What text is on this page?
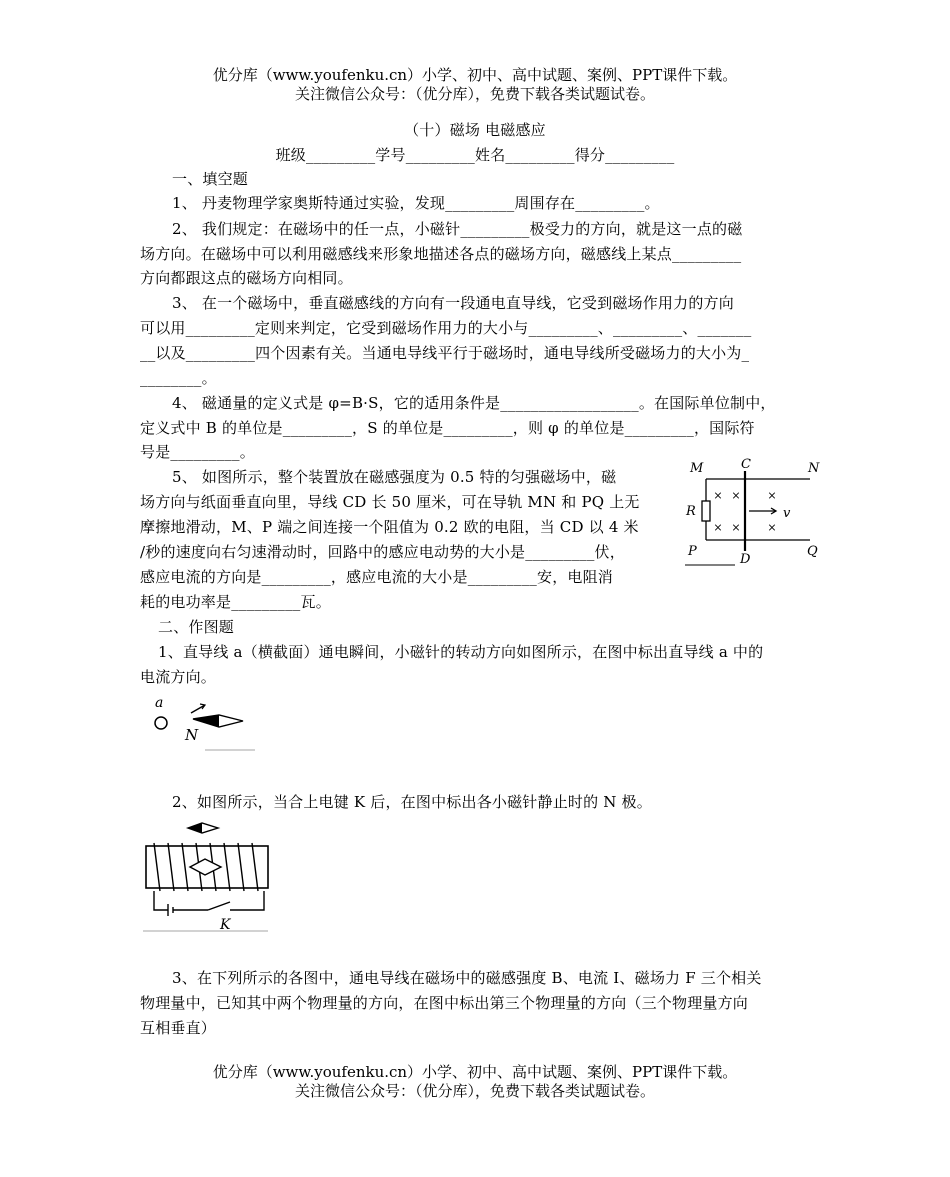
优分库（www.youfenku.cn）小学、初中、高中试题、案例、PPT课件下载。
关注微信公众号：（优分库），免费下载各类试题试卷。
（十）磁场 电磁感应
班级_________学号_________姓名_________得分_________
一、填空题
1、 丹麦物理学家奥斯特通过实验，发现_________周围存在_________。
2、 我们规定：在磁场中的任一点，小磁针_________极受力的方向，就是这一点的磁
场方向。在磁场中可以利用磁感线来形象地描述各点的磁场方向，磁感线上某点_________
方向都跟这点的磁场方向相同。
3、 在一个磁场中，垂直磁感线的方向有一段通电直导线，它受到磁场作用力的方向
可以用_________定则来判定，它受到磁场作用力的大小与_________、_________、_______
__以及_________四个因素有关。当通电导线平行于磁场时，通电导线所受磁场力的大小为_
________。
4、 磁通量的定义式是 φ=B·S，它的适用条件是__________________。在国际单位制中，
定义式中 B 的单位是_________，S 的单位是_________，则 φ 的单位是_________，国际符
号是_________。
5、 如图所示，整个装置放在磁感强度为 0.5 特的匀强磁场中，磁
场方向与纸面垂直向里，导线 CD 长 50 厘米，可在导轨 MN 和 PQ 上无
摩擦地滑动，M、P 端之间连接一个阻值为 0.2 欧的电阻，当 CD 以 4 米
/秒的速度向右匀速滑动时，回路中的感应电动势的大小是_________伏，
感应电流的方向是_________，感应电流的大小是_________安，电阻消
耗的电功率是_________瓦。
× × ×
× × ×
M	C	N
R	v
P
D
Q
二、作图题
1、直导线 a（横截面）通电瞬间，小磁针的转动方向如图所示，在图中标出直导线 a 中的
电流方向。
a
N
2、如图所示，当合上电键 K 后，在图中标出各小磁针静止时的 N 极。
K
3、在下列所示的各图中，通电导线在磁场中的磁感强度 B、电流 I、磁场力 F 三个相关
物理量中，已知其中两个物理量的方向，在图中标出第三个物理量的方向（三个物理量方向
互相垂直）
优分库（www.youfenku.cn）小学、初中、高中试题、案例、PPT课件下载。
关注微信公众号：（优分库），免费下载各类试题试卷。
